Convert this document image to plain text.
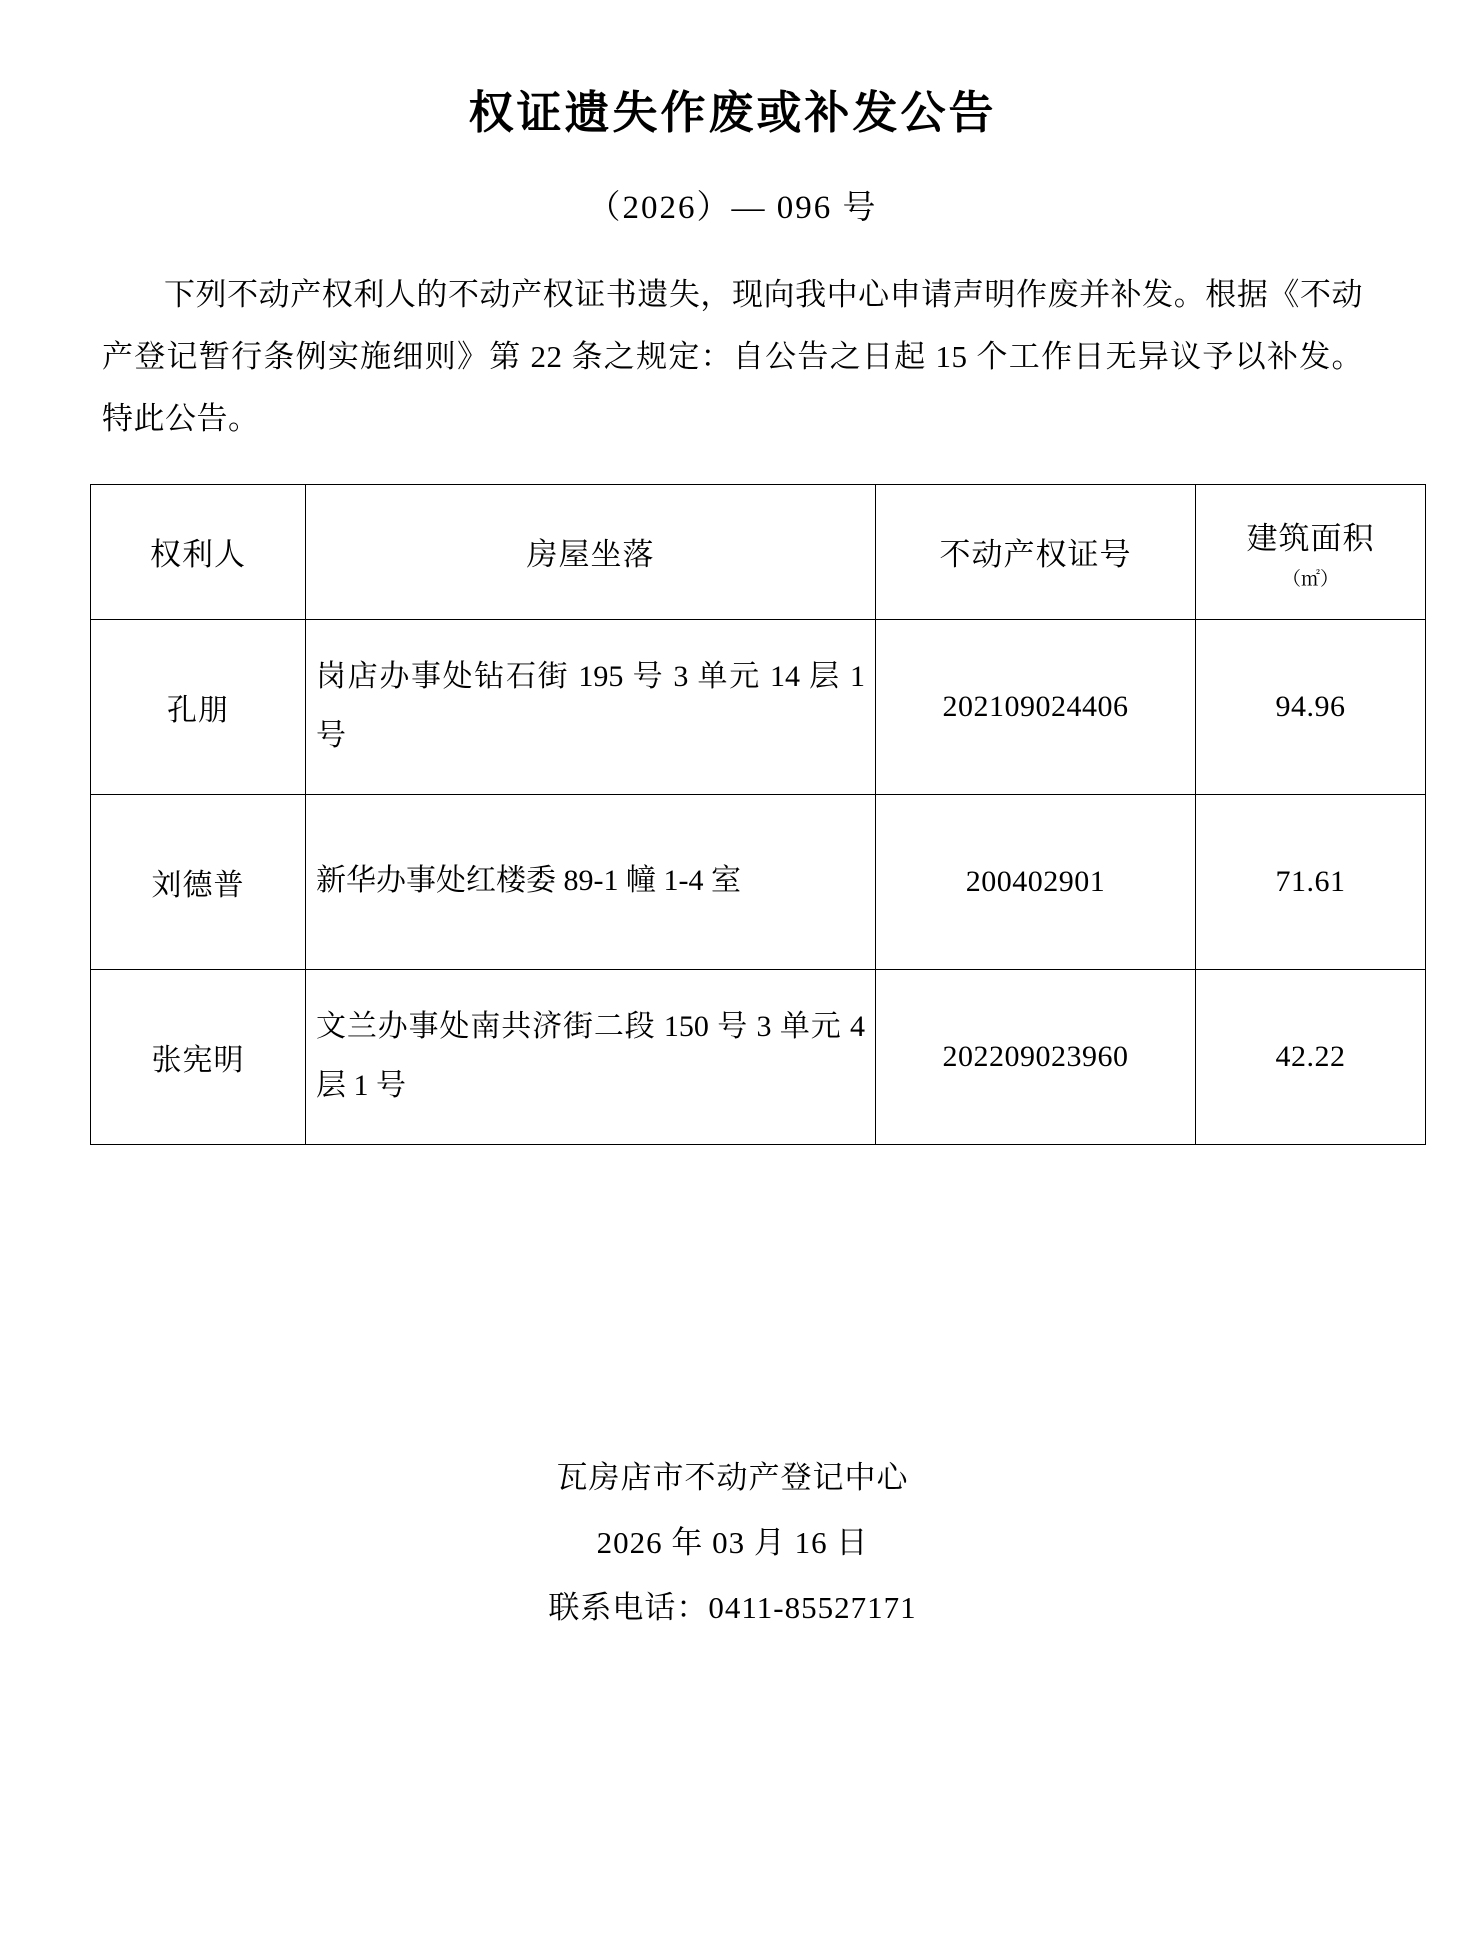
权证遗失作废或补发公告
（2026）— 096 号

下列不动产权利人的不动产权证书遗失，现向我中心申请声明作废并补发。根据《不动产登记暂行条例实施细则》第 22 条之规定：自公告之日起 15 个工作日无异议予以补发。特此公告。

权利人	房屋坐落	不动产权证号	建筑面积
（㎡）

孔朋	岗店办事处钻石街 195 号 3 单元 14 层 1 号	202109024406	94.96
刘德普	新华办事处红楼委 89-1 幢 1-4 室	200402901	71.61
张宪明	文兰办事处南共济街二段 150 号 3 单元 4 层 1 号	202209023960	42.22
瓦房店市不动产登记中心
2026 年 03 月 16 日
联系电话：0411-85527171
